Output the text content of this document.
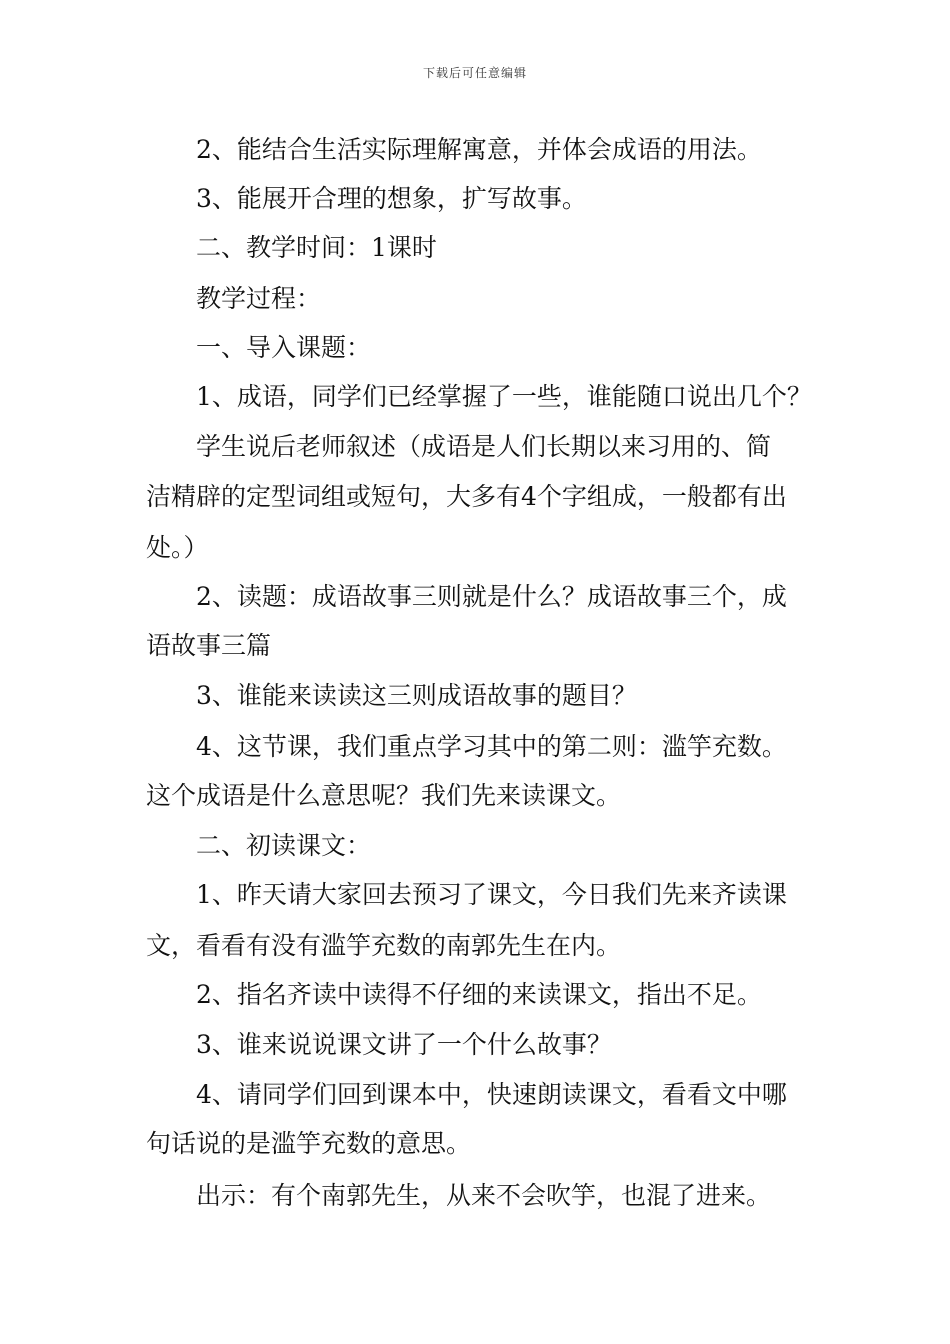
下载后可任意编辑
2、能结合生活实际理解寓意，并体会成语的用法。
3、能展开合理的想象，扩写故事。
二、教学时间：1课时
教学过程：
一、导入课题：
1、成语，同学们已经掌握了一些，谁能随口说出几个？
学生说后老师叙述（成语是人们长期以来习用的、简
洁精辟的定型词组或短句，大多有4个字组成，一般都有出
处。）
2、读题：成语故事三则就是什么？成语故事三个，成
语故事三篇
3、谁能来读读这三则成语故事的题目？
4、这节课，我们重点学习其中的第二则：滥竽充数。
这个成语是什么意思呢？我们先来读课文。
二、初读课文：
1、昨天请大家回去预习了课文，今日我们先来齐读课
文，看看有没有滥竽充数的南郭先生在内。
2、指名齐读中读得不仔细的来读课文，指出不足。
3、谁来说说课文讲了一个什么故事？
4、请同学们回到课本中，快速朗读课文，看看文中哪
句话说的是滥竽充数的意思。
出示：有个南郭先生，从来不会吹竽，也混了进来。
